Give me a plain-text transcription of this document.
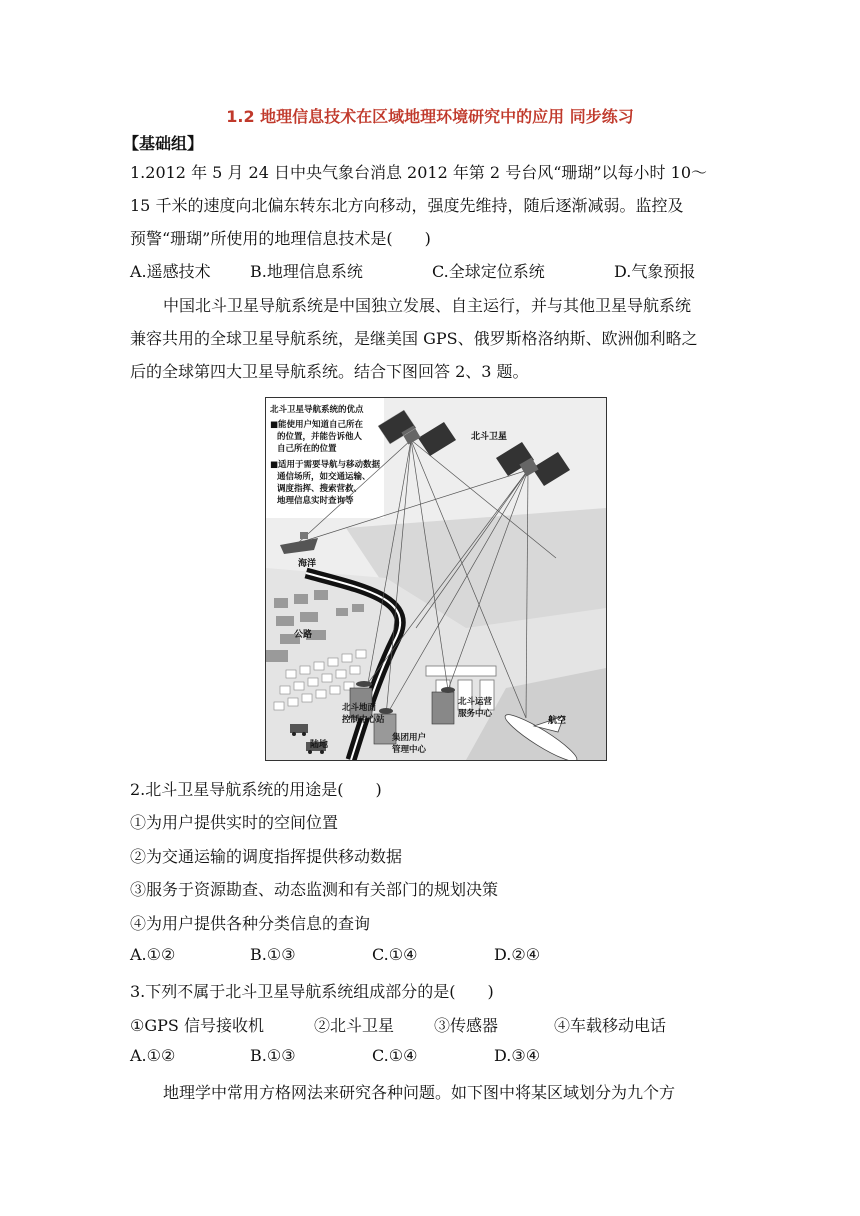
1.2 地理信息技术在区域地理环境研究中的应用 同步练习
【基础组】
1.2012 年 5 月 24 日中央气象台消息 2012 年第 2 号台风“珊瑚”以每小时 10～
15 千米的速度向北偏东转东北方向移动，强度先维持，随后逐渐减弱。监控及
预警“珊瑚”所使用的地理信息技术是(　　)
A.遥感技术 B.地理信息系统	C.全球定位系统	D.气象预报
中国北斗卫星导航系统是中国独立发展、自主运行，并与其他卫星导航系统
兼容共用的全球卫星导航系统，是继美国 GPS、俄罗斯格洛纳斯、欧洲伽利略之
后的全球第四大卫星导航系统。结合下图回答 2、3 题。
北斗卫星导航系统的优点
■能使用户知道自己所在
的位置，并能告诉他人
自己所在的位置
■适用于需要导航与移动数据
通信场所，如交通运输、
调度指挥、搜索营救、
地理信息实时查询等
北斗卫星
海洋
公路
北斗地面
控制中心站
北斗运营
服务中心
集团用户
管理中心
陆地
航空
2.北斗卫星导航系统的用途是(　　)
①为用户提供实时的空间位置
②为交通运输的调度指挥提供移动数据
③服务于资源勘查、动态监测和有关部门的规划决策
④为用户提供各种分类信息的查询
A.①②	B.①③	C.①④	D.②④
3.下列不属于北斗卫星导航系统组成部分的是(　　)
①GPS 信号接收机	②北斗卫星 ③传感器	④车载移动电话
A.①②	B.①③	C.①④	D.③④
地理学中常用方格网法来研究各种问题。如下图中将某区域划分为九个方
